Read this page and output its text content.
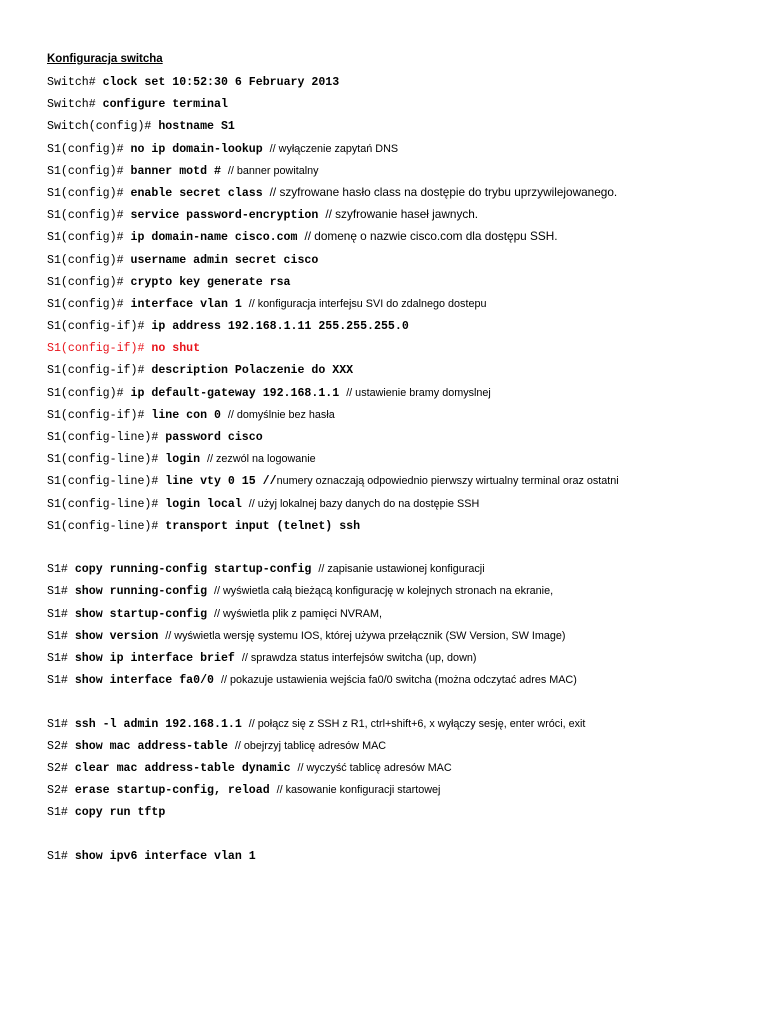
Konfiguracja switcha
Switch# clock set 10:52:30 6 February 2013
Switch# configure terminal
Switch(config)# hostname S1
S1(config)# no ip domain-lookup // wyłączenie zapytań DNS
S1(config)# banner motd # // banner powitalny
S1(config)# enable secret class // szyfrowane hasło class na dostępie do trybu uprzywilejowanego.
S1(config)# service password-encryption // szyfrowanie haseł jawnych.
S1(config)# ip domain-name cisco.com // domenę o nazwie cisco.com dla dostępu SSH.
S1(config)# username admin secret cisco
S1(config)# crypto key generate rsa
S1(config)# interface vlan 1 // konfiguracja interfejsu SVI do zdalnego dostepu
S1(config-if)# ip address 192.168.1.11 255.255.255.0
S1(config-if)# no shut
S1(config-if)# description Polaczenie do XXX
S1(config)# ip default-gateway 192.168.1.1 // ustawienie bramy domyslnej
S1(config-if)# line con 0 // domyślnie bez hasła
S1(config-line)# password cisco
S1(config-line)# login // zezwól na logowanie
S1(config-line)# line vty 0 15 //numery oznaczają odpowiednio pierwszy wirtualny terminal oraz ostatni
S1(config-line)# login local // użyj lokalnej bazy danych do na dostępie SSH
S1(config-line)# transport input (telnet) ssh
S1# copy running-config startup-config // zapisanie ustawionej konfiguracji
S1# show running-config // wyświetla całą bieżącą konfigurację w kolejnych stronach na ekranie,
S1# show startup-config // wyświetla plik z pamięci NVRAM,
S1# show version // wyświetla wersję systemu IOS, której używa przełącznik (SW Version, SW Image)
S1# show ip interface brief // sprawdza status interfejsów switcha (up, down)
S1# show interface fa0/0 // pokazuje ustawienia wejścia fa0/0 switcha (można odczytać adres MAC)
S1# ssh -l admin 192.168.1.1 // połącz się z SSH z R1, ctrl+shift+6, x wyłączy sesję, enter wróci, exit
S2# show mac address-table // obejrzyj tablicę adresów MAC
S2# clear mac address-table dynamic // wyczyść tablicę adresów MAC
S2# erase startup-config, reload // kasowanie konfiguracji startowej
S1# copy run tftp
S1# show ipv6 interface vlan 1
